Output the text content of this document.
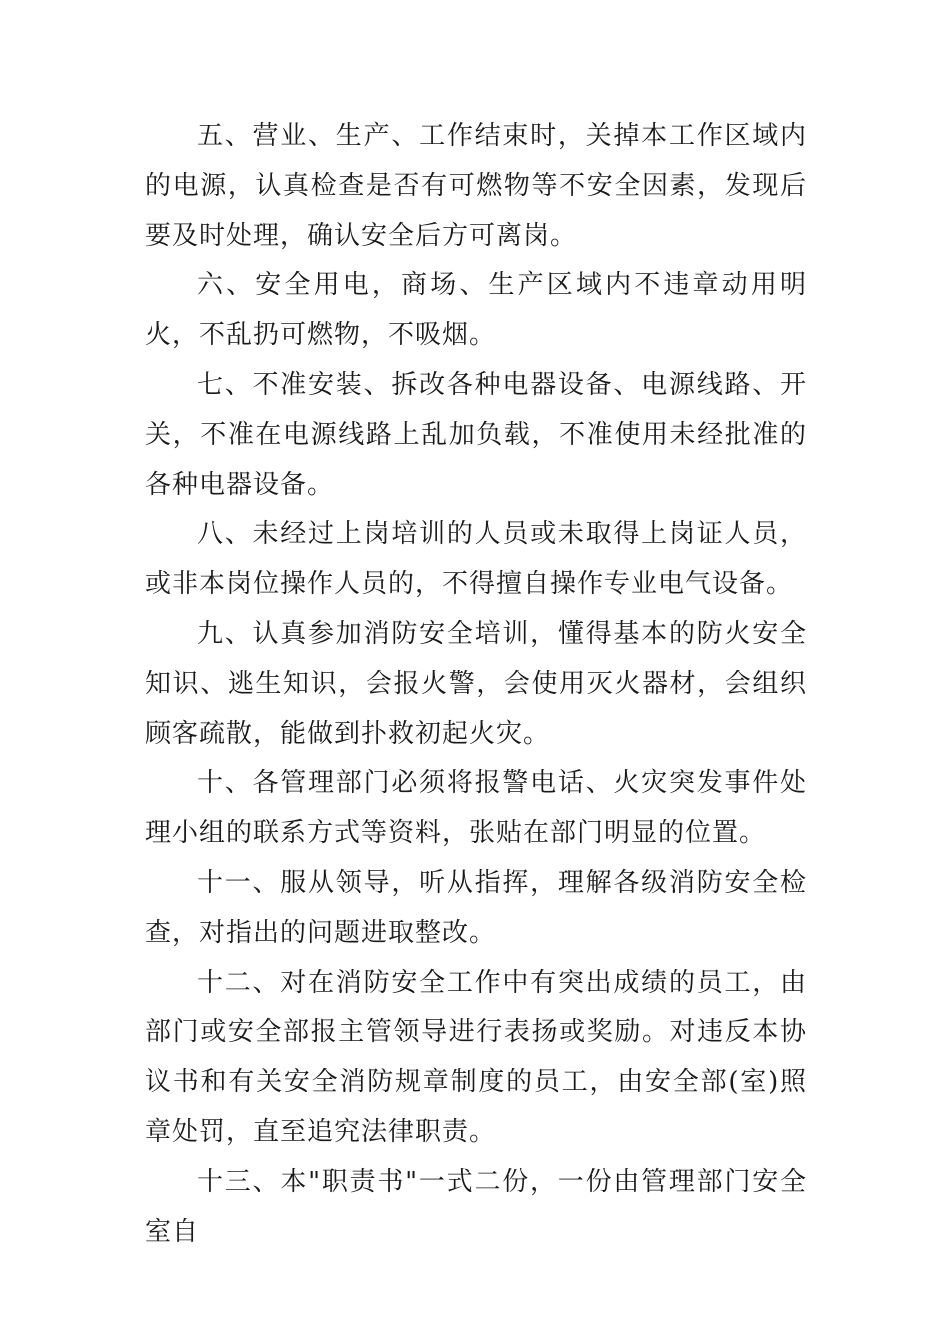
五、营业、生产、工作结束时，关掉本工作区域内的电源，认真检查是否有可燃物等不安全因素，发现后要及时处理，确认安全后方可离岗。

六、安全用电，商场、生产区域内不违章动用明火，不乱扔可燃物，不吸烟。

七、不准安装、拆改各种电器设备、电源线路、开关，不准在电源线路上乱加负载，不准使用未经批准的各种电器设备。

八、未经过上岗培训的人员或未取得上岗证人员，或非本岗位操作人员的，不得擅自操作专业电气设备。

九、认真参加消防安全培训，懂得基本的防火安全知识、逃生知识，会报火警，会使用灭火器材，会组织顾客疏散，能做到扑救初起火灾。

十、各管理部门必须将报警电话、火灾突发事件处理小组的联系方式等资料，张贴在部门明显的位置。

十一、服从领导，听从指挥，理解各级消防安全检查，对指出的问题进取整改。

十二、对在消防安全工作中有突出成绩的员工，由部门或安全部报主管领导进行表扬或奖励。对违反本协议书和有关安全消防规章制度的员工，由安全部(室)照章处罚，直至追究法律职责。

十三、本"职责书"一式二份，一份由管理部门安全室自
